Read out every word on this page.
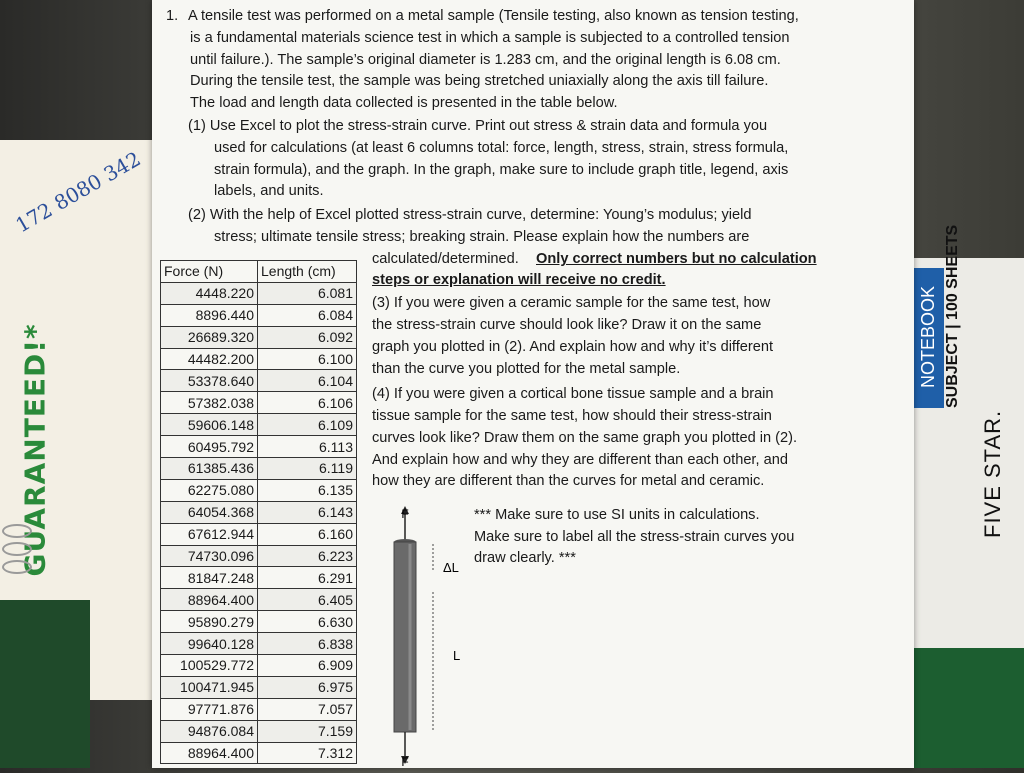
GUARANTEED!*
172 8080 342
NOTEBOOK SUBJECT | 100 SHEETS
FIVE STAR.
1. A tensile test was performed on a metal sample (Tensile testing, also known as tension testing,
is a fundamental materials science test in which a sample is subjected to a controlled tension
until failure.). The sample’s original diameter is 1.283 cm, and the original length is 6.08 cm.
During the tensile test, the sample was being stretched uniaxially along the axis till failure.
The load and length data collected is presented in the table below.
(1) Use Excel to plot the stress-strain curve. Print out stress & strain data and formula you
used for calculations (at least 6 columns total: force, length, stress, strain, stress formula,
strain formula), and the graph. In the graph, make sure to include graph title, legend, axis
labels, and units.
(2) With the help of Excel plotted stress-strain curve, determine: Young’s modulus; yield
stress; ultimate tensile stress; breaking strain. Please explain how the numbers are
calculated/determined. Only correct numbers but no calculation
steps or explanation will receive no credit.
(3) If you were given a ceramic sample for the same test, how
the stress-strain curve should look like? Draw it on the same
graph you plotted in (2). And explain how and why it’s different
than the curve you plotted for the metal sample.
(4) If you were given a cortical bone tissue sample and a brain
tissue sample for the same test, how should their stress-strain
curves look like? Draw them on the same graph you plotted in (2).
And explain how and why they are different than each other, and
how they are different than the curves for metal and ceramic.
*** Make sure to use SI units in calculations.
Make sure to label all the stress-strain curves you
draw clearly. ***
Force (N)	Length (cm)
4448.220	6.081
8896.440	6.084
26689.320	6.092
44482.200	6.100
53378.640	6.104
57382.038	6.106
59606.148	6.109
60495.792	6.113
61385.436	6.119
62275.080	6.135
64054.368	6.143
67612.944	6.160
74730.096	6.223
81847.248	6.291
88964.400	6.405
95890.279	6.630
99640.128	6.838
100529.772	6.909
100471.945	6.975
97771.876	7.057
94876.084	7.159
88964.400	7.312
F
F
ΔL
L
